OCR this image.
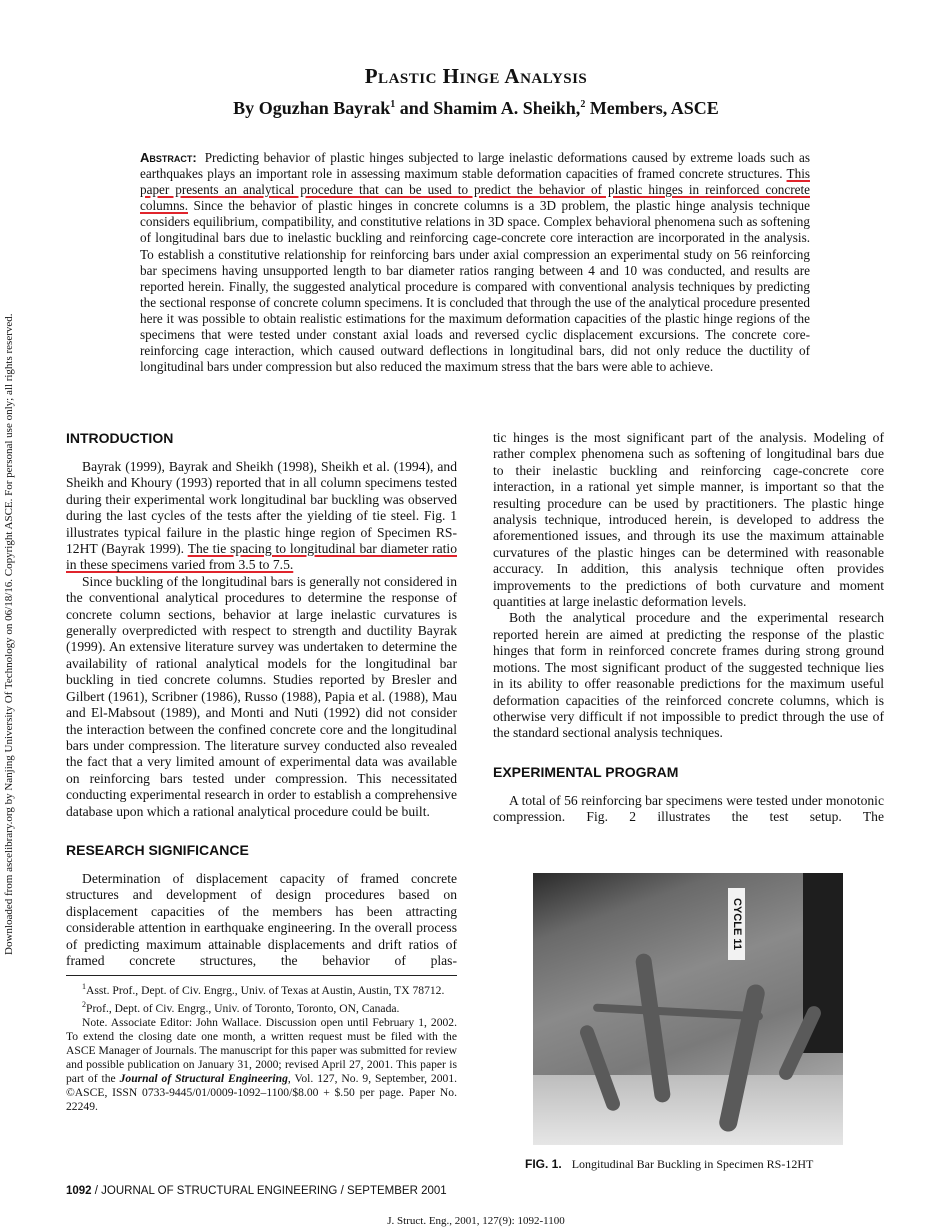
Downloaded from ascelibrary.org by Nanjing University Of Technology on 06/18/16. Copyright ASCE. For personal use only; all rights reserved.
Plastic Hinge Analysis
By Oguzhan Bayrak$^1$ and Shamim A. Sheikh,$^2$ Members, ASCE
Abstract: Predicting behavior of plastic hinges subjected to large inelastic deformations caused by extreme loads such as earthquakes plays an important role in assessing maximum stable deformation capacities of framed concrete structures. This paper presents an analytical procedure that can be used to predict the behavior of plastic hinges in reinforced concrete columns. Since the behavior of plastic hinges in concrete columns is a 3D problem, the plastic hinge analysis technique considers equilibrium, compatibility, and constitutive relations in 3D space. Complex behavioral phenomena such as softening of longitudinal bars due to inelastic buckling and reinforcing cage-concrete core interaction are incorporated in the analysis. To establish a constitutive relationship for reinforcing bars under axial compression an experimental study on 56 reinforcing bar specimens having unsupported length to bar diameter ratios ranging between 4 and 10 was conducted, and results are reported herein. Finally, the suggested analytical procedure is compared with conventional analysis techniques by predicting the sectional response of concrete column specimens. It is concluded that through the use of the analytical procedure presented here it was possible to obtain realistic estimations for the maximum deformation capacities of the plastic hinge regions of the specimens that were tested under constant axial loads and reversed cyclic displacement excursions. The concrete core-reinforcing cage interaction, which caused outward deflections in longitudinal bars, did not only reduce the ductility of longitudinal bars under compression but also reduced the maximum stress that the bars were able to achieve.
INTRODUCTION

Bayrak (1999), Bayrak and Sheikh (1998), Sheikh et al. (1994), and Sheikh and Khoury (1993) reported that in all column specimens tested during their experimental work longitudinal bar buckling was observed during the last cycles of the tests after the yielding of tie steel. Fig. 1 illustrates typical failure in the plastic hinge region of Specimen RS-12HT (Bayrak 1999). The tie spacing to longitudinal bar diameter ratio in these specimens varied from 3.5 to 7.5.

Since buckling of the longitudinal bars is generally not considered in the conventional analytical procedures to determine the response of concrete column sections, behavior at large inelastic curvatures is generally overpredicted with respect to strength and ductility Bayrak (1999). An extensive literature survey was undertaken to determine the availability of rational analytical models for the longitudinal bar buckling in tied concrete columns. Studies reported by Bresler and Gilbert (1961), Scribner (1986), Russo (1988), Papia et al. (1988), Mau and El-Mabsout (1989), and Monti and Nuti (1992) did not consider the interaction between the confined concrete core and the longitudinal bars under compression. The literature survey conducted also revealed the fact that a very limited amount of experimental data was available on reinforcing bars tested under compression. This necessitated conducting experimental research in order to establish a comprehensive database upon which a rational analytical procedure could be built.

RESEARCH SIGNIFICANCE

Determination of displacement capacity of framed concrete structures and development of design procedures based on displacement capacities of the members has been attracting considerable attention in earthquake engineering. In the overall process of predicting maximum attainable displacements and drift ratios of framed concrete structures, the behavior of plas-

$^1$Asst. Prof., Dept. of Civ. Engrg., Univ. of Texas at Austin, Austin, TX 78712.

$^2$Prof., Dept. of Civ. Engrg., Univ. of Toronto, Toronto, ON, Canada.

Note. Associate Editor: John Wallace. Discussion open until February 1, 2002. To extend the closing date one month, a written request must be filed with the ASCE Manager of Journals. The manuscript for this paper was submitted for review and possible publication on January 31, 2000; revised April 27, 2001. This paper is part of the Journal of Structural Engineering, Vol. 127, No. 9, September, 2001. ©ASCE, ISSN 0733-9445/01/0009-1092–1100/$8.00 + $.50 per page. Paper No. 22249.

tic hinges is the most significant part of the analysis. Modeling of rather complex phenomena such as softening of longitudinal bars due to their inelastic buckling and reinforcing cage-concrete core interaction, in a rational yet simple manner, is important so that the resulting procedure can be used by practitioners. The plastic hinge analysis technique, introduced herein, is developed to address the aforementioned issues, and through its use the maximum attainable curvatures of the plastic hinges can be determined with reasonable accuracy. In addition, this analysis technique often provides improvements to the predictions of both curvature and moment quantities at large inelastic deformation levels.

Both the analytical procedure and the experimental research reported herein are aimed at predicting the response of the plastic hinges that form in reinforced concrete frames during strong ground motions. The most significant product of the suggested technique lies in its ability to offer reasonable predictions for the maximum useful deformation capacities of the reinforced concrete columns, which is otherwise very difficult if not impossible to predict through the use of the standard sectional analysis techniques.

EXPERIMENTAL PROGRAM

A total of 56 reinforcing bar specimens were tested under monotonic compression. Fig. 2 illustrates the test setup. The

CYCLE 11
FIG. 1. Longitudinal Bar Buckling in Specimen RS-12HT
1092 / JOURNAL OF STRUCTURAL ENGINEERING / SEPTEMBER 2001
J. Struct. Eng., 2001, 127(9): 1092-1100
